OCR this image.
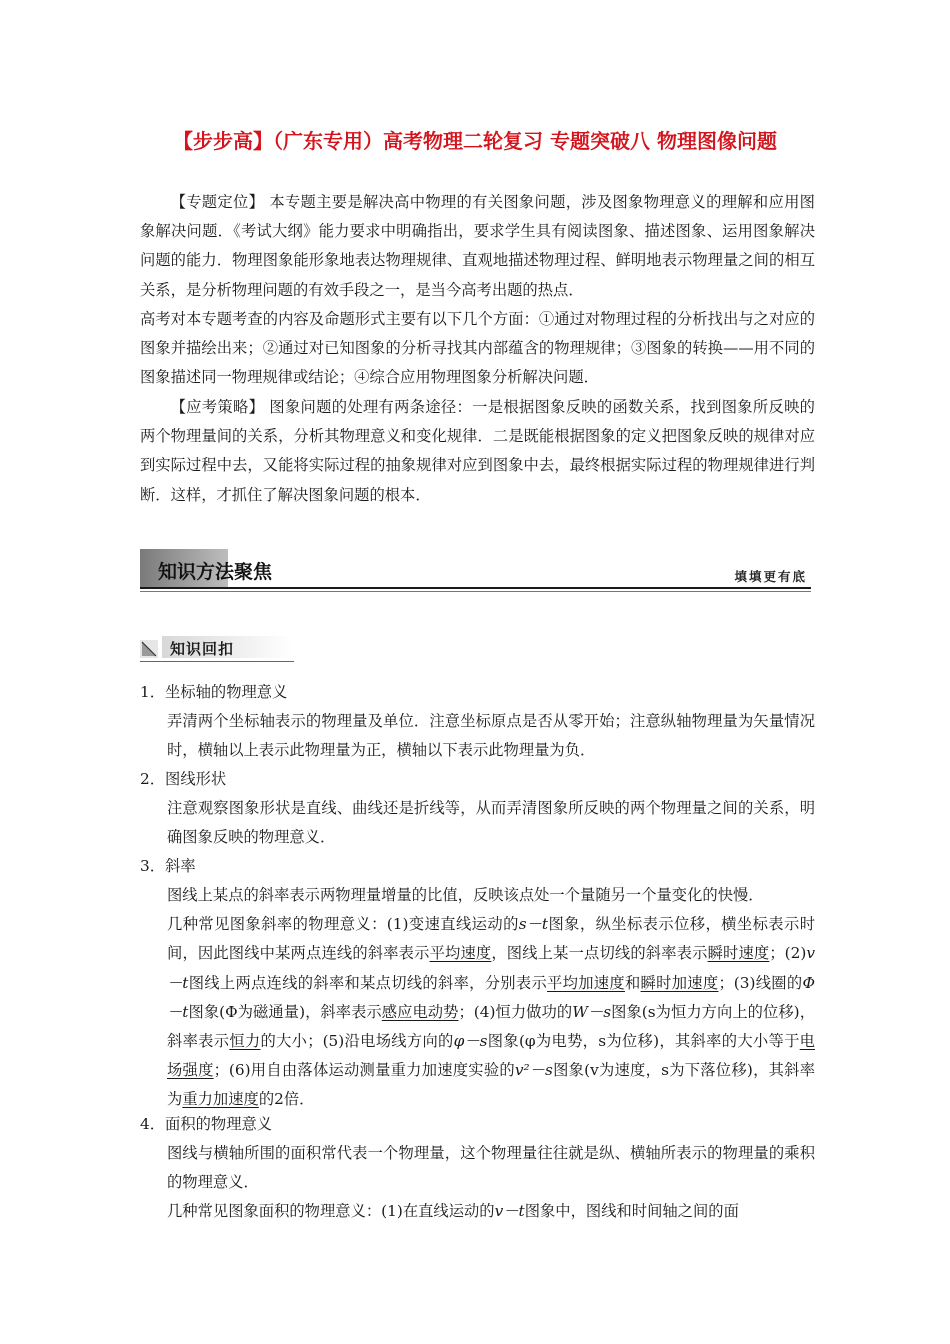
【步步高】（广东专用）高考物理二轮复习 专题突破八 物理图像问题
【专题定位】 本专题主要是解决高中物理的有关图象问题，涉及图象物理意义的理解和应用图象解决问题．《考试大纲》能力要求中明确指出，要求学生具有阅读图象、描述图象、运用图象解决问题的能力．物理图象能形象地表达物理规律、直观地描述物理过程、鲜明地表示物理量之间的相互关系，是分析物理问题的有效手段之一，是当今高考出题的热点．
高考对本专题考查的内容及命题形式主要有以下几个方面：①通过对物理过程的分析找出与之对应的图象并描绘出来；②通过对已知图象的分析寻找其内部蕴含的物理规律；③图象的转换——用不同的图象描述同一物理规律或结论；④综合应用物理图象分析解决问题．
【应考策略】 图象问题的处理有两条途径：一是根据图象反映的函数关系，找到图象所反映的两个物理量间的关系，分析其物理意义和变化规律．二是既能根据图象的定义把图象反映的规律对应到实际过程中去，又能将实际过程的抽象规律对应到图象中去，最终根据实际过程的物理规律进行判断．这样，才抓住了解决图象问题的根本．
知识方法聚焦	填填更有底
知识回扣
1．坐标轴的物理意义
弄清两个坐标轴表示的物理量及单位．注意坐标原点是否从零开始；注意纵轴物理量为矢量情况时，横轴以上表示此物理量为正，横轴以下表示此物理量为负．
2．图线形状
注意观察图象形状是直线、曲线还是折线等，从而弄清图象所反映的两个物理量之间的关系，明确图象反映的物理意义．
3．斜率
图线上某点的斜率表示两物理量增量的比值，反映该点处一个量随另一个量变化的快慢．
几种常见图象斜率的物理意义：(1)变速直线运动的s－t图象，纵坐标表示位移，横坐标表示时间，因此图线中某两点连线的斜率表示平均速度，图线上某一点切线的斜率表示瞬时速度；(2)v－t图线上两点连线的斜率和某点切线的斜率，分别表示平均加速度和瞬时加速度；(3)线圈的Φ－t图象(Φ为磁通量)，斜率表示感应电动势；(4)恒力做功的W－s图象(s为恒力方向上的位移)，斜率表示恒力的大小；(5)沿电场线方向的φ－s图象(φ为电势，s为位移)，其斜率的大小等于电场强度；(6)用自由落体运动测量重力加速度实验的v²－s图象(v为速度，s为下落位移)，其斜率为重力加速度的2倍．
4．面积的物理意义
图线与横轴所围的面积常代表一个物理量，这个物理量往往就是纵、横轴所表示的物理量的乘积的物理意义．
几种常见图象面积的物理意义：(1)在直线运动的v－t图象中，图线和时间轴之间的面
